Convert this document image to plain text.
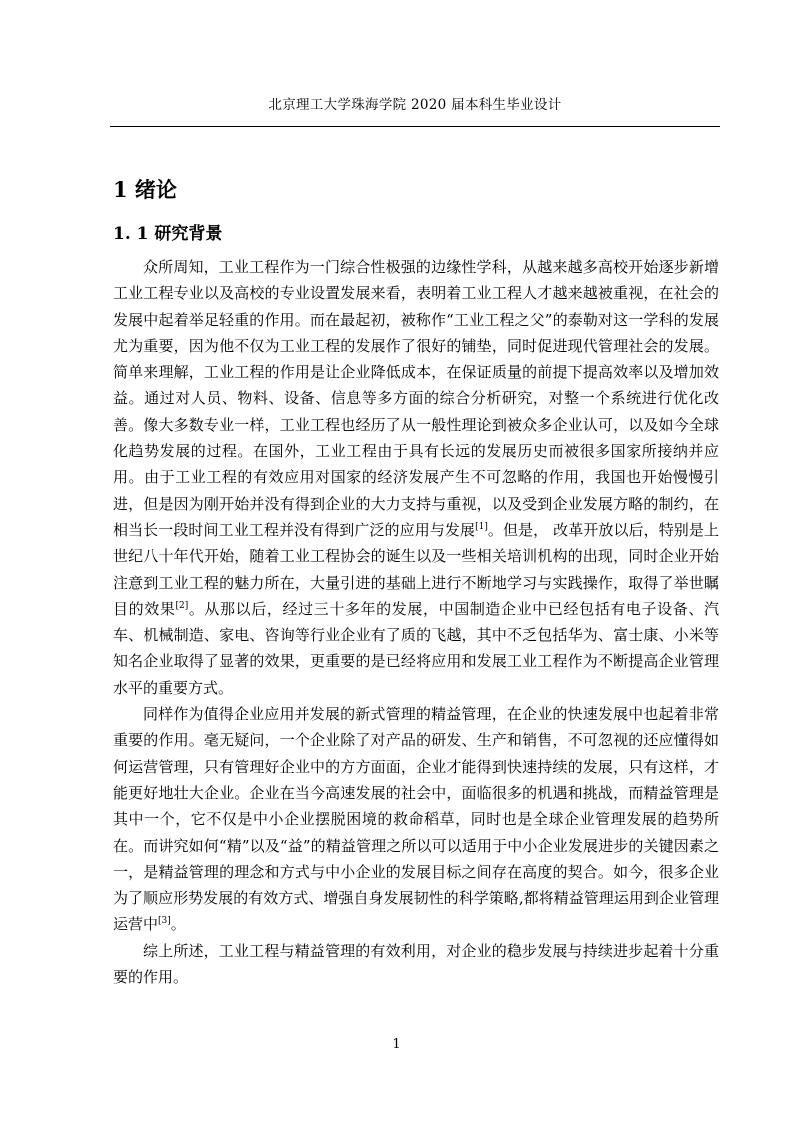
北京理工大学珠海学院 2020 届本科生毕业设计
1 绪论
1. 1 研究背景

众所周知，工业工程作为一门综合性极强的边缘性学科，从越来越多高校开始逐步新增工业工程专业以及高校的专业设置发展来看，表明着工业工程人才越来越被重视，在社会的发展中起着举足轻重的作用。而在最起初，被称作“工业工程之父”的泰勒对这一学科的发展尤为重要，因为他不仅为工业工程的发展作了很好的铺垫，同时促进现代管理社会的发展。简单来理解，工业工程的作用是让企业降低成本，在保证质量的前提下提高效率以及增加效益。通过对人员、物料、设备、信息等多方面的综合分析研究，对整一个系统进行优化改善。像大多数专业一样，工业工程也经历了从一般性理论到被众多企业认可，以及如今全球化趋势发展的过程。在国外，工业工程由于具有长远的发展历史而被很多国家所接纳并应用。由于工业工程的有效应用对国家的经济发展产生不可忽略的作用，我国也开始慢慢引进，但是因为刚开始并没有得到企业的大力支持与重视，以及受到企业发展方略的制约，在相当长一段时间工业工程并没有得到广泛的应用与发展[1]。但是， 改革开放以后，特别是上世纪八十年代开始，随着工业工程协会的诞生以及一些相关培训机构的出现，同时企业开始注意到工业工程的魅力所在，大量引进的基础上进行不断地学习与实践操作，取得了举世瞩目的效果[2]。从那以后，经过三十多年的发展，中国制造企业中已经包括有电子设备、汽车、机械制造、家电、咨询等行业企业有了质的飞越，其中不乏包括华为、富士康、小米等知名企业取得了显著的效果，更重要的是已经将应用和发展工业工程作为不断提高企业管理水平的重要方式。

同样作为值得企业应用并发展的新式管理的精益管理，在企业的快速发展中也起着非常重要的作用。毫无疑问，一个企业除了对产品的研发、生产和销售，不可忽视的还应懂得如何运营管理，只有管理好企业中的方方面面，企业才能得到快速持续的发展，只有这样，才能更好地壮大企业。企业在当今高速发展的社会中，面临很多的机遇和挑战，而精益管理是其中一个，它不仅是中小企业摆脱困境的救命稻草，同时也是全球企业管理发展的趋势所在。而讲究如何“精”以及“益”的精益管理之所以可以适用于中小企业发展进步的关键因素之一，是精益管理的理念和方式与中小企业的发展目标之间存在高度的契合。如今，很多企业为了顺应形势发展的有效方式、增强自身发展韧性的科学策略,都将精益管理运用到企业管理运营中[3]。

综上所述，工业工程与精益管理的有效利用，对企业的稳步发展与持续进步起着十分重要的作用。

1
